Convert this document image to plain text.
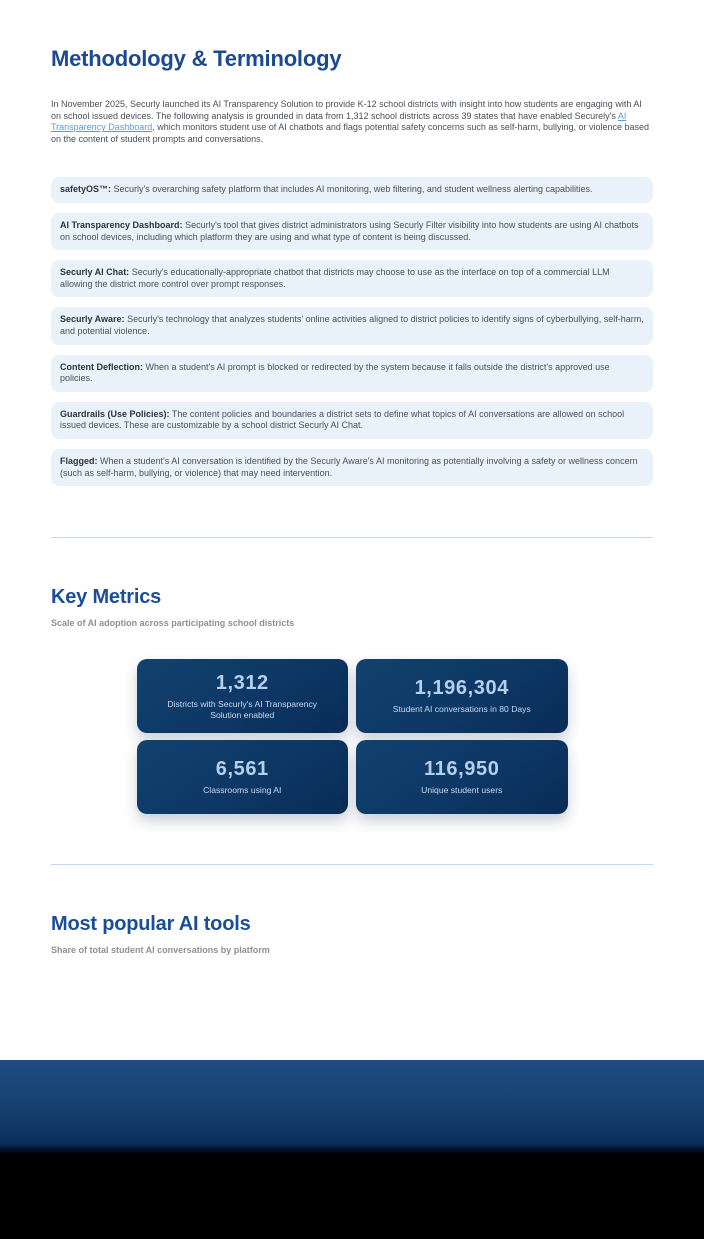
Methodology & Terminology

In November 2025, Securly launched its AI Transparency Solution to provide K-12 school districts with insight into how students are engaging with AI on school issued devices. The following analysis is grounded in data from 1,312 school districts across 39 states that have enabled Securely's AI Transparency Dashboard, which monitors student use of AI chatbots and flags potential safety concerns such as self-harm, bullying, or violence based on the content of student prompts and conversations.

safetyOS™: Securly's overarching safety platform that includes AI monitoring, web filtering, and student wellness alerting capabilities.
AI Transparency Dashboard: Securly's tool that gives district administrators using Securly Filter visibility into how students are using AI chatbots on school devices, including which platform they are using and what type of content is being discussed.
Securly AI Chat: Securly's educationally-appropriate chatbot that districts may choose to use as the interface on top of a commercial LLM allowing the district more control over prompt responses.
Securly Aware: Securly's technology that analyzes students' online activities aligned to district policies to identify signs of cyberbullying, self-harm, and potential violence.
Content Deflection: When a student's AI prompt is blocked or redirected by the system because it falls outside the district's approved use policies.
Guardrails (Use Policies): The content policies and boundaries a district sets to define what topics of AI conversations are allowed on school issued devices. These are customizable by a school district Securly AI Chat.
Flagged: When a student's AI conversation is identified by the Securly Aware's AI monitoring as potentially involving a safety or wellness concern (such as self-harm, bullying, or violence) that may need intervention.
Key Metrics

Scale of AI adoption across participating school districts

1,312
Districts with Securly's AI Transparency Solution enabled
1,196,304
Student AI conversations in 80 Days
6,561
Classrooms using AI
116,950
Unique student users
Most popular AI tools

Share of total student AI conversations by platform
